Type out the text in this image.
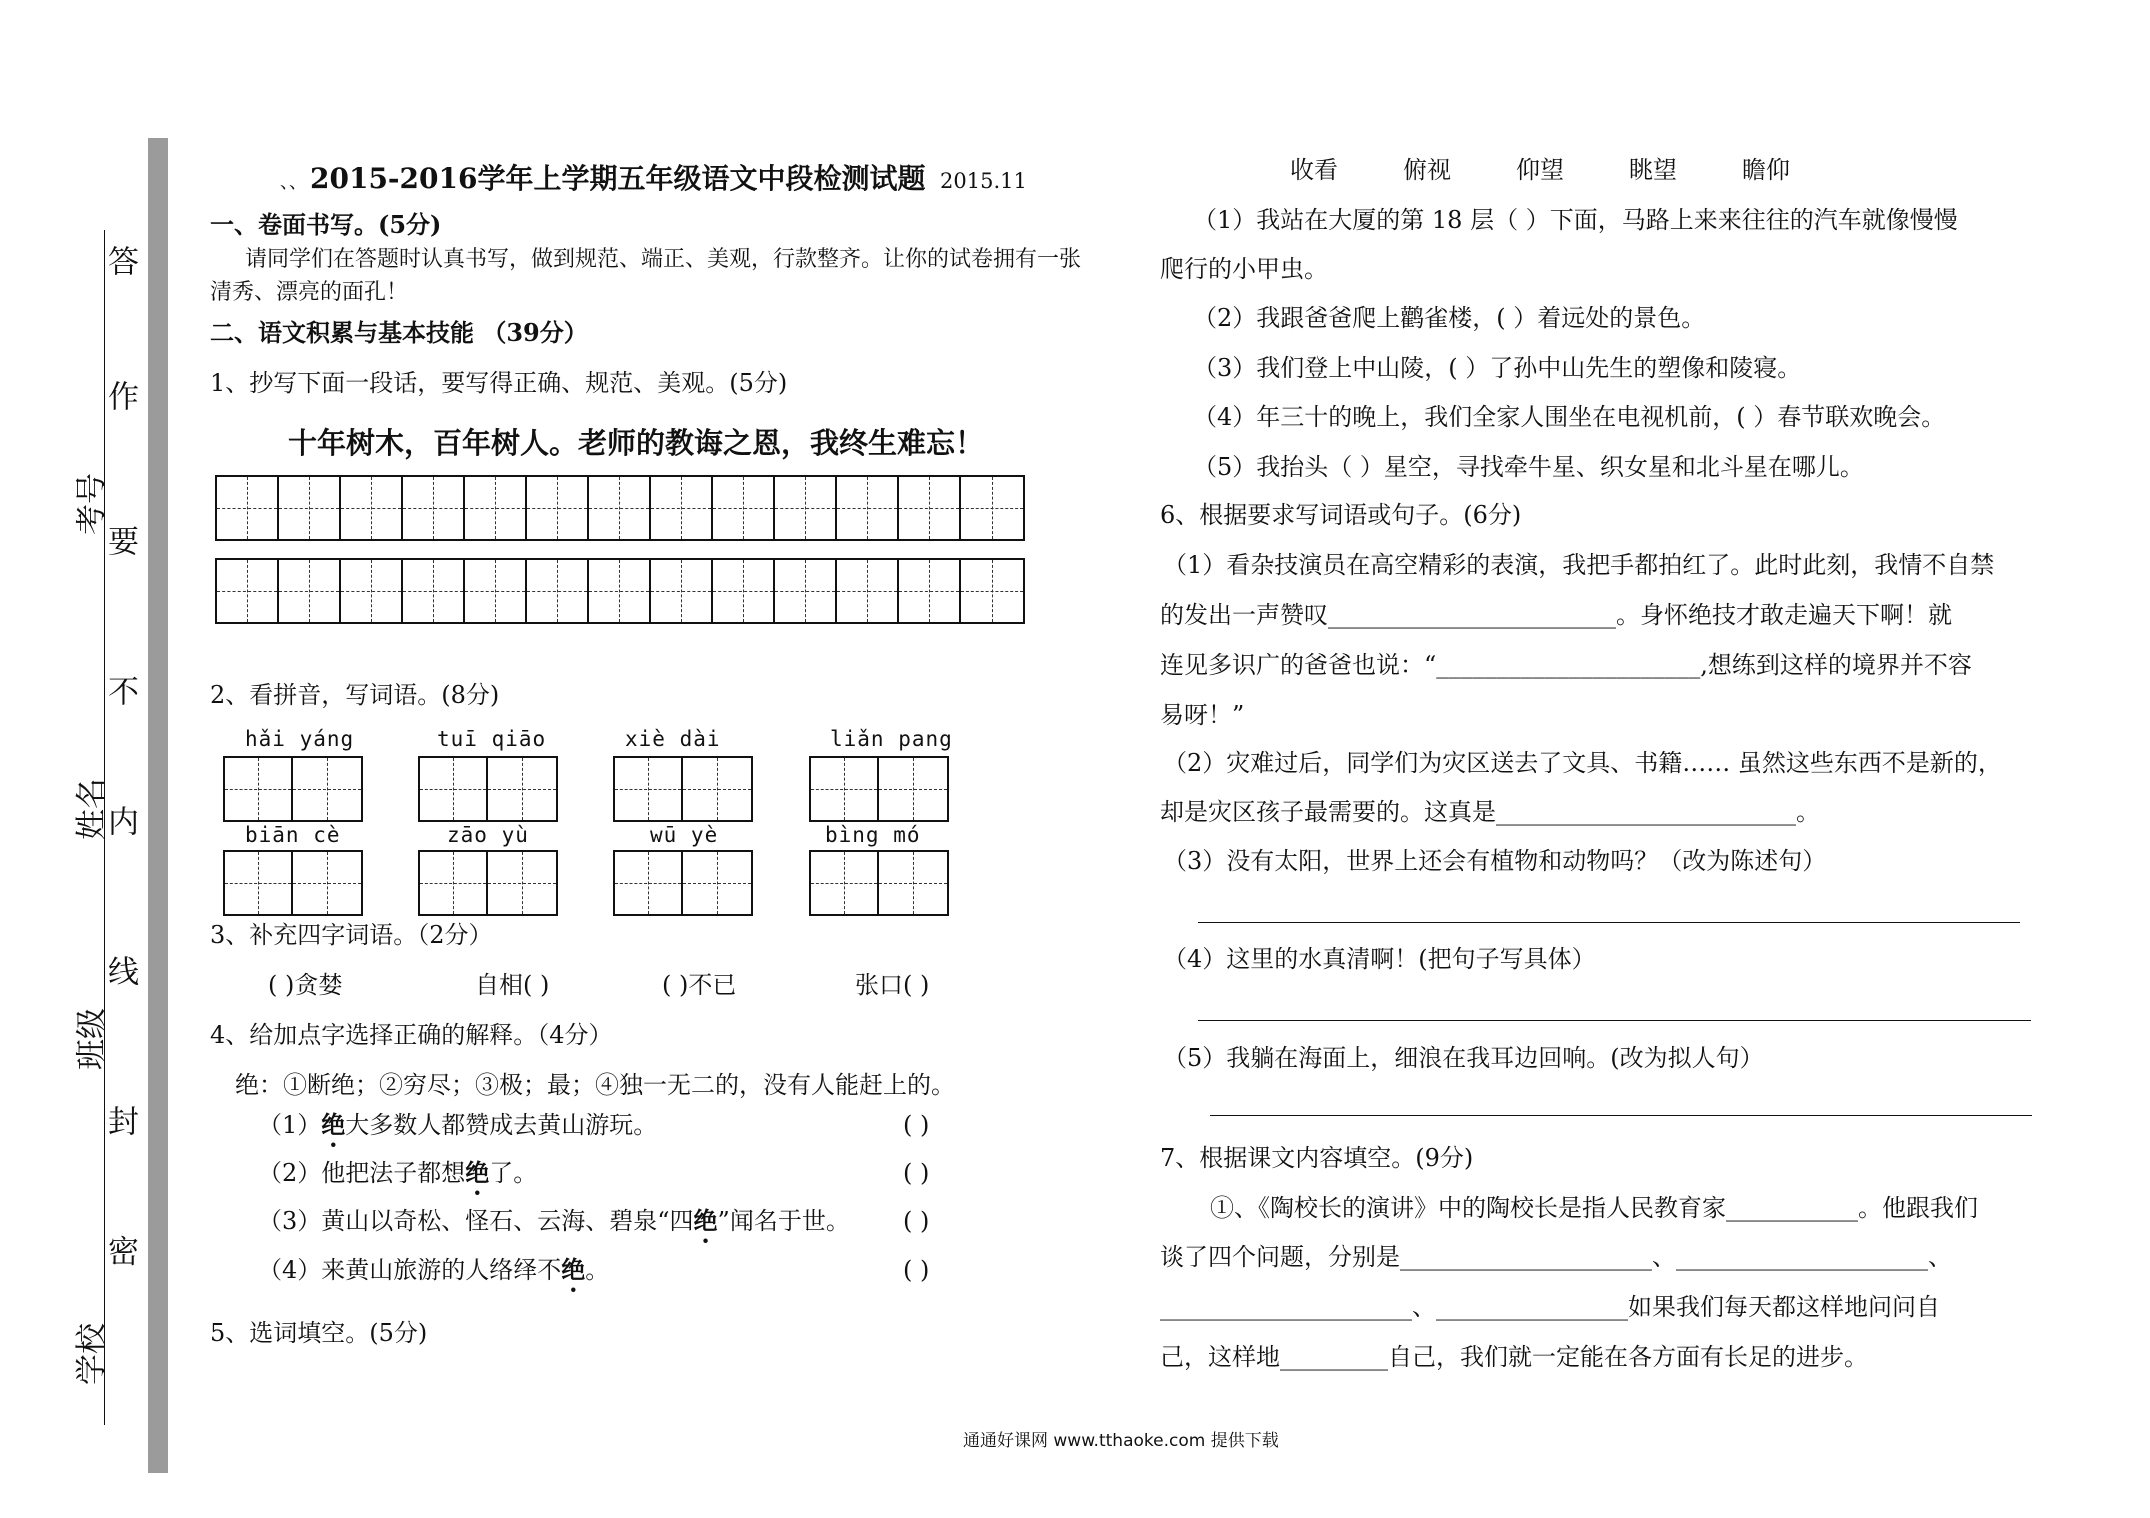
学校
班级
姓名
考号
答
作
要
不
内
线
封
密
、、 2015-2016学年上学期五年级语文中段检测试题 2015.11
一、卷面书写。(5分)
请同学们在答题时认真书写，做到规范、端正、美观，行款整齐。让你的试卷拥有一张
清秀、漂亮的面孔！
二、语文积累与基本技能 （39分）
1、抄写下面一段话，要写得正确、规范、美观。(5分)
十年树木，百年树人。老师的教诲之恩，我终生难忘！
2、看拼音，写词语。(8分)
hǎi yáng	tuī qiāo	xiè dài	liǎn pang
biān cè	zāo yù	wū yè	bìng mó
3、补充四字词语。（2分）
( )贪婪	自相( )	( )不已	张口( )
4、给加点字选择正确的解释。（4分）
绝：①断绝；②穷尽；③极；最；④独一无二的，没有人能赶上的。
（1）绝大多数人都赞成去黄山游玩。
（2）他把法子都想绝了。
（3）黄山以奇松、怪石、云海、碧泉“四绝”闻名于世。
（4）来黄山旅游的人络绎不绝。
( )
( )
( )
( )
5、选词填空。(5分)
收看	俯视	仰望	眺望	瞻仰
（1）我站在大厦的第 18 层（ ）下面，马路上来来往往的汽车就像慢慢
爬行的小甲虫。
（2）我跟爸爸爬上鹳雀楼，( ）着远处的景色。
（3）我们登上中山陵，( ）了孙中山先生的塑像和陵寝。
（4）年三十的晚上，我们全家人围坐在电视机前，( ）春节联欢晚会。
（5）我抬头（ ）星空，寻找牵牛星、织女星和北斗星在哪儿。
6、根据要求写词语或句子。(6分)
（1）看杂技演员在高空精彩的表演，我把手都拍红了。此时此刻，我情不自禁
的发出一声赞叹________________________。身怀绝技才敢走遍天下啊！就
连见多识广的爸爸也说：“______________________,想练到这样的境界并不容
易呀！”
（2）灾难过后，同学们为灾区送去了文具、书籍…… 虽然这些东西不是新的，
却是灾区孩子最需要的。这真是_________________________。
（3）没有太阳，世界上还会有植物和动物吗？（改为陈述句）
（4）这里的水真清啊！(把句子写具体）
（5）我躺在海面上，细浪在我耳边回响。(改为拟人句）
7、根据课文内容填空。(9分)
①、《陶校长的演讲》中的陶校长是指人民教育家___________。他跟我们
谈了四个问题，分别是_____________________、_____________________、
_____________________、________________如果我们每天都这样地问问自
己，这样地_________自己，我们就一定能在各方面有长足的进步。
通通好课网 www.tthaoke.com 提供下载
